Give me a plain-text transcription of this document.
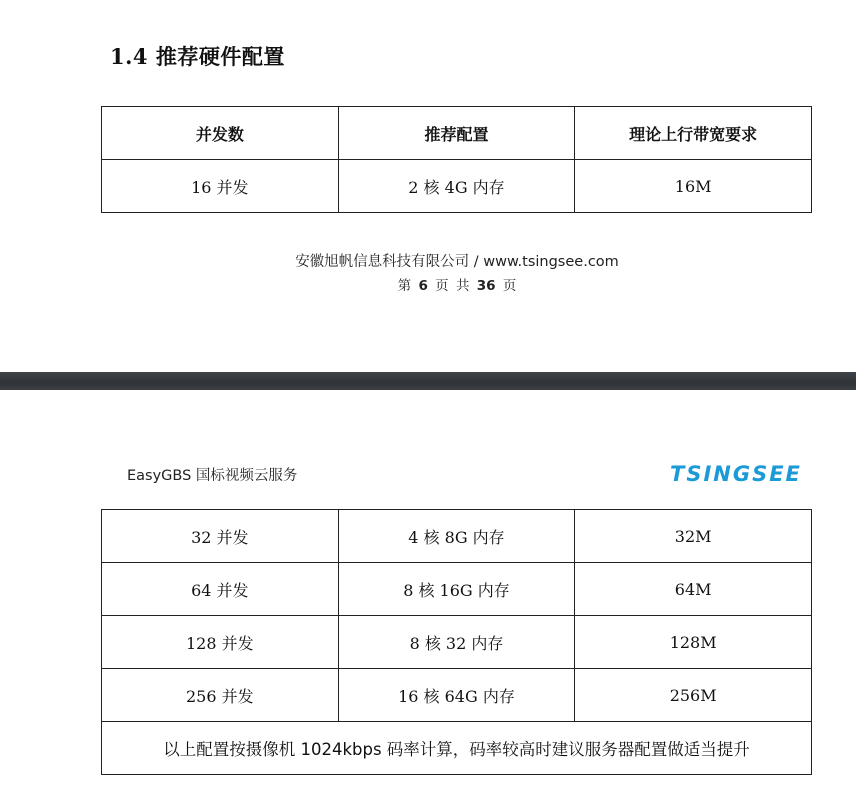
1.4 推荐硬件配置
并发数	推荐配置	理论上行带宽要求
16 并发	2 核 4G 内存	16M
安徽旭帆信息科技有限公司 / www.tsingsee.com
第 6 页 共 36 页
EasyGBS 国标视频云服务	TSINGSEE
32 并发	4 核 8G 内存	32M
64 并发	8 核 16G 内存	64M
128 并发	8 核 32 内存	128M
256 并发	16 核 64G 内存	256M
以上配置按摄像机 1024kbps 码率计算，码率较高时建议服务器配置做适当提升		
